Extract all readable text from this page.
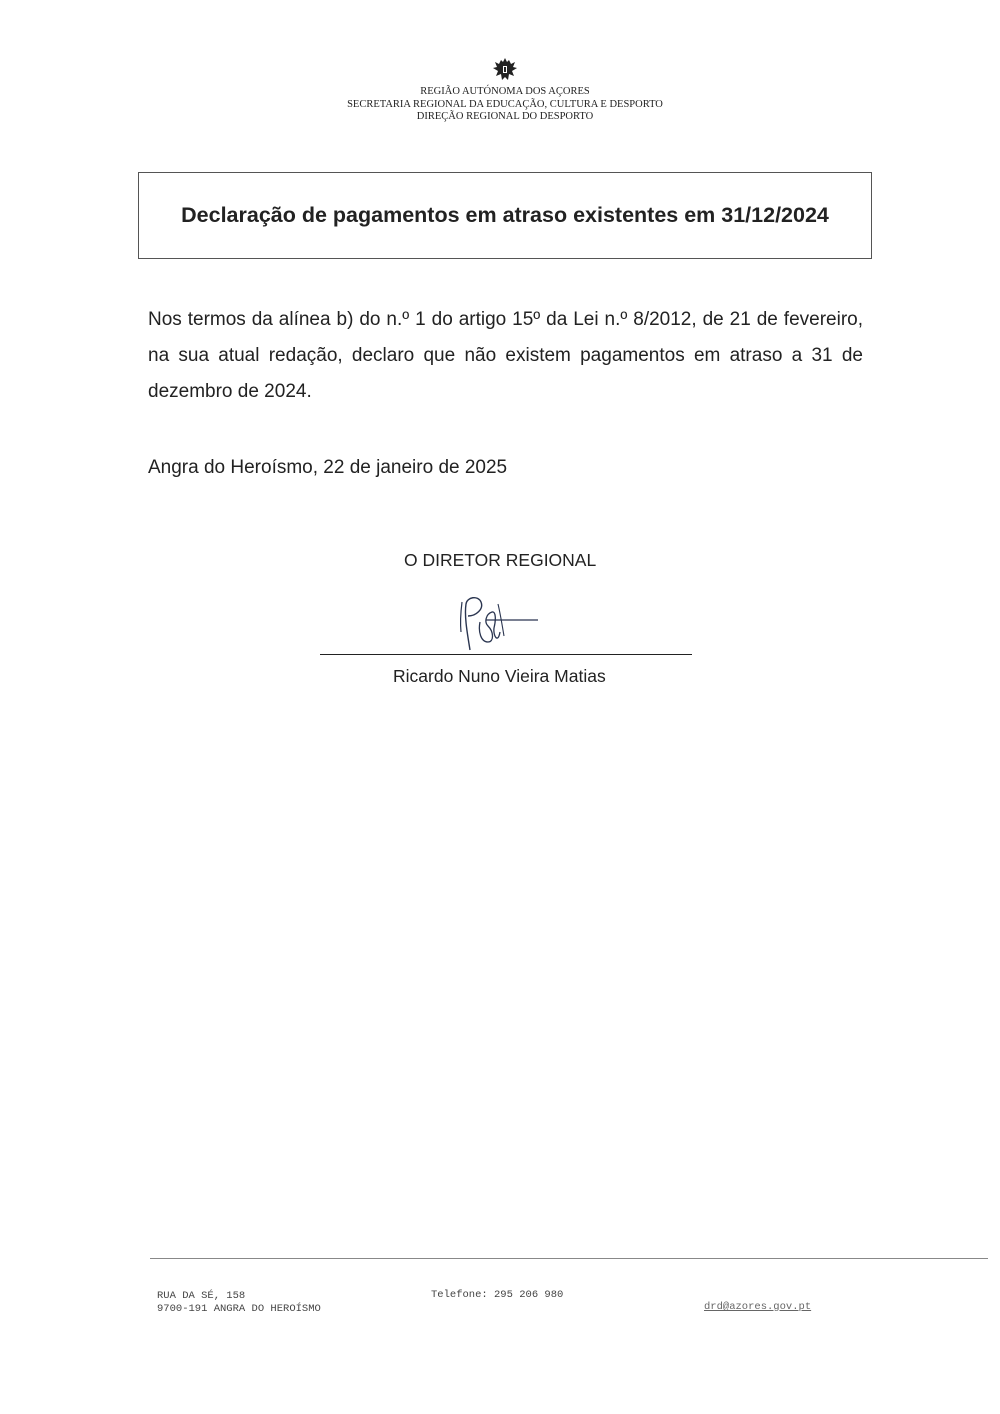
REGIÃO AUTÓNOMA DOS AÇORES
SECRETARIA REGIONAL DA EDUCAÇÃO, CULTURA E DESPORTO
DIREÇÃO REGIONAL DO DESPORTO
Declaração de pagamentos em atraso existentes em 31/12/2024
Nos termos da alínea b) do n.º 1 do artigo 15º da Lei n.º 8/2012, de 21 de fevereiro, na sua atual redação, declaro que não existem pagamentos em atraso a 31 de dezembro de 2024.
Angra do Heroísmo, 22 de janeiro de 2025
O DIRETOR REGIONAL
Ricardo Nuno Vieira Matias
RUA DA SÉ, 158
9700-191 ANGRA DO HEROÍSMO
Telefone: 295 206 980
drd@azores.gov.pt
